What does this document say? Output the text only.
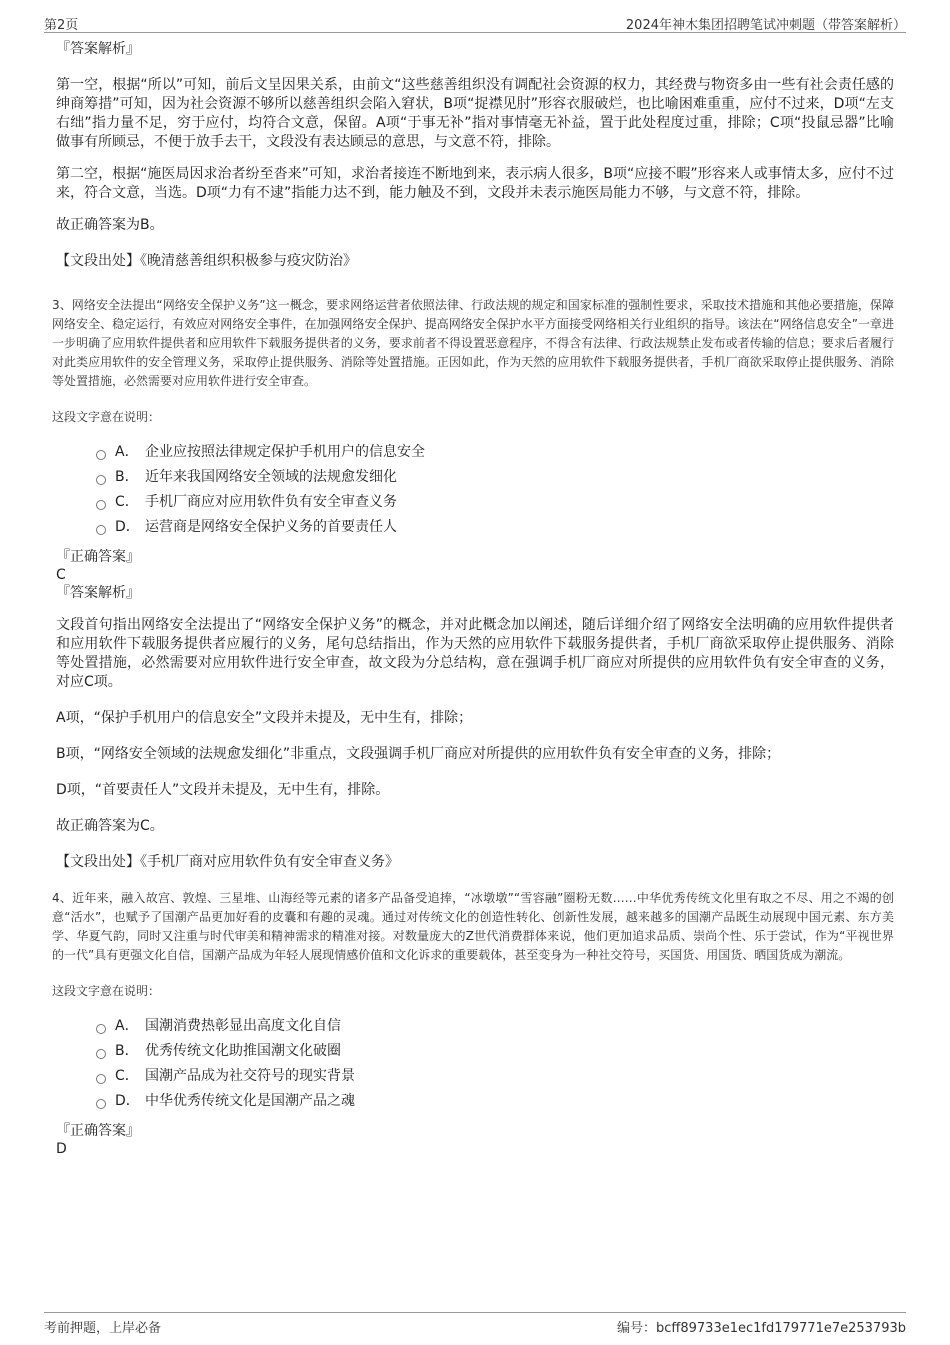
第2页	2024年神木集团招聘笔试冲刺题（带答案解析）

『答案解析』

第一空，根据“所以”可知，前后文呈因果关系，由前文“这些慈善组织没有调配社会资源的权力，其经费与物资多由一些有社会责任感的绅商筹措”可知，因为社会资源不够所以慈善组织会陷入窘状，B项“捉襟见肘”形容衣服破烂，也比喻困难重重，应付不过来，D项“左支右绌”指力量不足，穷于应付，均符合文意，保留。A项“于事无补”指对事情毫无补益，置于此处程度过重，排除；C项“投鼠忌器”比喻做事有所顾忌，不便于放手去干，文段没有表达顾忌的意思，与文意不符，排除。

第二空，根据“施医局因求治者纷至沓来”可知，求治者接连不断地到来，表示病人很多，B项“应接不暇”形容来人或事情太多，应付不过来，符合文意，当选。D项“力有不逮”指能力达不到，能力触及不到，文段并未表示施医局能力不够，与文意不符，排除。

故正确答案为B。

【文段出处】《晚清慈善组织积极参与疫灾防治》

3、网络安全法提出“网络安全保护义务”这一概念，要求网络运营者依照法律、行政法规的规定和国家标准的强制性要求，采取技术措施和其他必要措施，保障网络安全、稳定运行，有效应对网络安全事件，在加强网络安全保护、提高网络安全保护水平方面接受网络相关行业组织的指导。该法在“网络信息安全”一章进一步明确了应用软件提供者和应用软件下载服务提供者的义务，要求前者不得设置恶意程序，不得含有法律、行政法规禁止发布或者传输的信息；要求后者履行对此类应用软件的安全管理义务，采取停止提供服务、消除等处置措施。正因如此，作为天然的应用软件下载服务提供者，手机厂商欲采取停止提供服务、消除等处置措施，必然需要对应用软件进行安全审查。

这段文字意在说明：

A． 企业应按照法律规定保护手机用户的信息安全
B． 近年来我国网络安全领域的法规愈发细化
C． 手机厂商应对应用软件负有安全审查义务
D． 运营商是网络安全保护义务的首要责任人

『正确答案』

C

『答案解析』

文段首句指出网络安全法提出了“网络安全保护义务”的概念，并对此概念加以阐述，随后详细介绍了网络安全法明确的应用软件提供者和应用软件下载服务提供者应履行的义务，尾句总结指出，作为天然的应用软件下载服务提供者，手机厂商欲采取停止提供服务、消除等处置措施，必然需要对应用软件进行安全审查，故文段为分总结构，意在强调手机厂商应对所提供的应用软件负有安全审查的义务，对应C项。

A项，“保护手机用户的信息安全”文段并未提及，无中生有，排除；

B项，“网络安全领域的法规愈发细化”非重点，文段强调手机厂商应对所提供的应用软件负有安全审查的义务，排除；

D项，“首要责任人”文段并未提及，无中生有，排除。

故正确答案为C。

【文段出处】《手机厂商对应用软件负有安全审查义务》

4、近年来，融入故宫、敦煌、三星堆、山海经等元素的诸多产品备受追捧，“冰墩墩”“雪容融”圈粉无数……中华优秀传统文化里有取之不尽、用之不竭的创意“活水”，也赋予了国潮产品更加好看的皮囊和有趣的灵魂。通过对传统文化的创造性转化、创新性发展，越来越多的国潮产品既生动展现中国元素、东方美学、华夏气韵，同时又注重与时代审美和精神需求的精准对接。对数量庞大的Z世代消费群体来说，他们更加追求品质、崇尚个性、乐于尝试，作为“平视世界的一代”具有更强文化自信，国潮产品成为年轻人展现情感价值和文化诉求的重要载体，甚至变身为一种社交符号，买国货、用国货、晒国货成为潮流。

这段文字意在说明：

A． 国潮消费热彰显出高度文化自信
B． 优秀传统文化助推国潮文化破圈
C． 国潮产品成为社交符号的现实背景
D． 中华优秀传统文化是国潮产品之魂

『正确答案』

D

考前押题，上岸必备	编号：bcff89733e1ec1fd179771e7e253793b
